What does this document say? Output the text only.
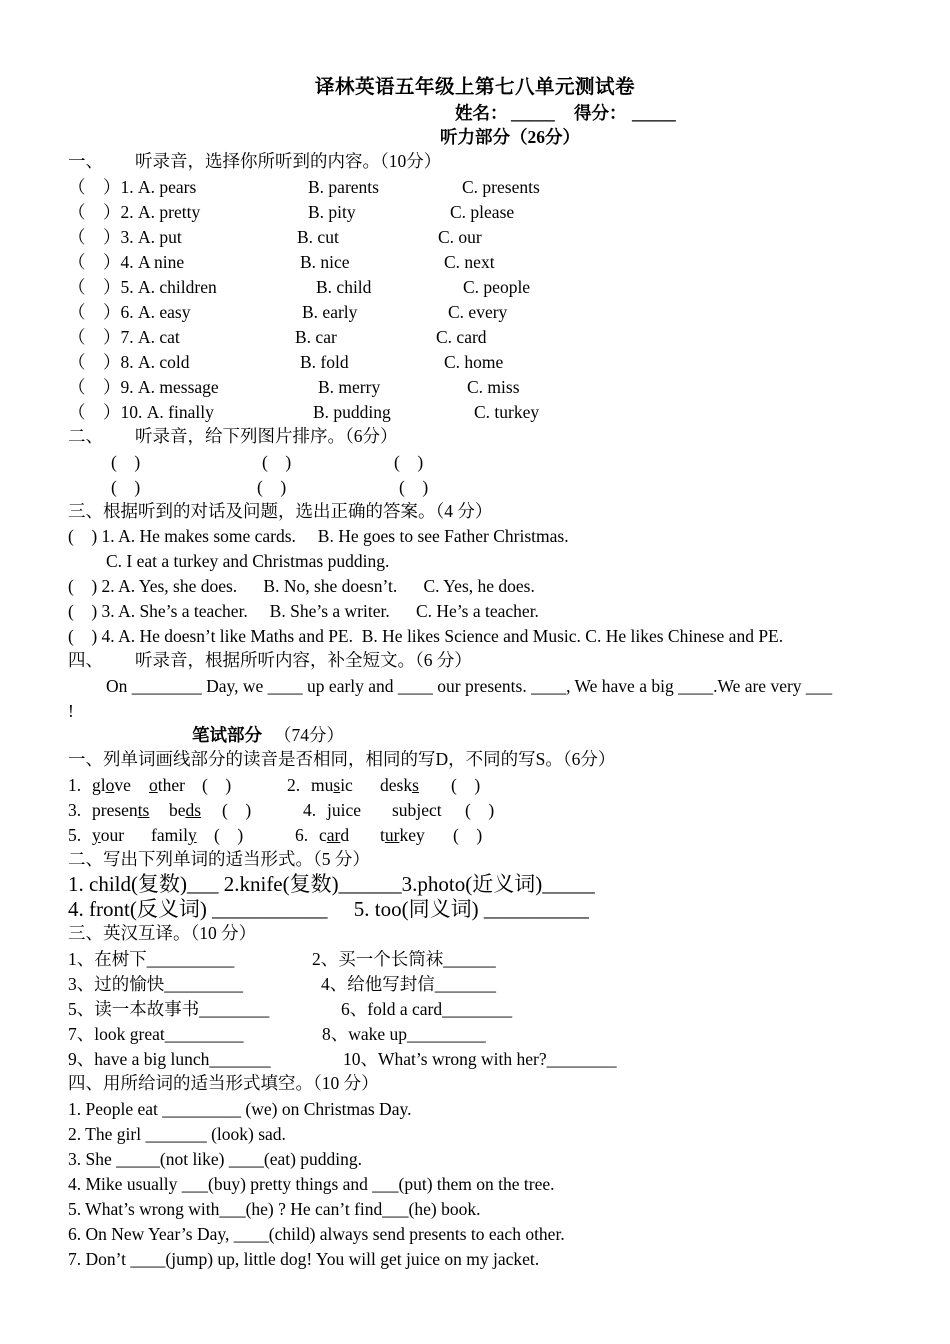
译林英语五年级上第七八单元测试卷
姓名： _____ 得分： _____
听力部分（26分）
一、 听录音，选择你所听到的内容。（10分）
（    ）1. A. pears	B. parents	C. presents
（    ）2. A. pretty	B. pity	C. please
（    ）3. A. put	B. cut	C. our
（    ）4. A nine	B. nice	C. next
（    ）5. A. children	B. child	C. people
（    ）6. A. easy	B. early	C. every
（    ）7. A. cat	B. car	C. card
（    ）8. A. cold	B. fold	C. home
（    ）9. A. message	B. merry	C. miss
（    ）10. A. finally	B. pudding	C. turkey
二、 听录音，给下列图片排序。（6分）
(    )	(    )	(    )
(    )	(    )	(    )
三、根据听到的对话及问题，选出正确的答案。（4 分）
(    ) 1. A. He makes some cards.     B. He goes to see Father Christmas.
C. I eat a turkey and Christmas pudding.
(    ) 2. A. Yes, she does.      B. No, she doesn’t.      C. Yes, he does.
(    ) 3. A. She’s a teacher.     B. She’s a writer.      C. He’s a teacher.
(    ) 4. A. He doesn’t like Maths and PE.  B. He likes Science and Music. C. He likes Chinese and PE.
四、 听录音，根据所听内容，补全短文。（6 分）
On ________ Day, we ____ up early and ____ our presents. ____, We have a big ____.We are very ___
!
笔试部分 （74分）
一、列单词画线部分的读音是否相同，相同的写D，不同的写S。（6分）
1. glove other (    )	2. music desks (    )
3. presents beds (    )	4. juice subject (    )
5. your family (    )	6. card turkey (    )
二、写出下列单词的适当形式。（5 分）
1. child(复数)___ 2.knife(复数)______3.photo(近义词)_____
4. front(反义词) ___________     5. too(同义词) __________
三、英汉互译。（10 分）
1、在树下__________	2、买一个长筒袜______
3、过的愉快_________	4、给他写封信_______
5、读一本故事书________	6、fold a card________
7、look great_________	8、wake up_________
9、have a big lunch_______	10、What’s wrong with her?________
四、用所给词的适当形式填空。（10 分）
1. People eat _________ (we) on Christmas Day.
2. The girl _______ (look) sad.
3. She _____(not like) ____(eat) pudding.
4. Mike usually ___(buy) pretty things and ___(put) them on the tree.
5. What’s wrong with___(he) ? He can’t find___(he) book.
6. On New Year’s Day, ____(child) always send presents to each other.
7. Don’t ____(jump) up, little dog! You will get juice on my jacket.
